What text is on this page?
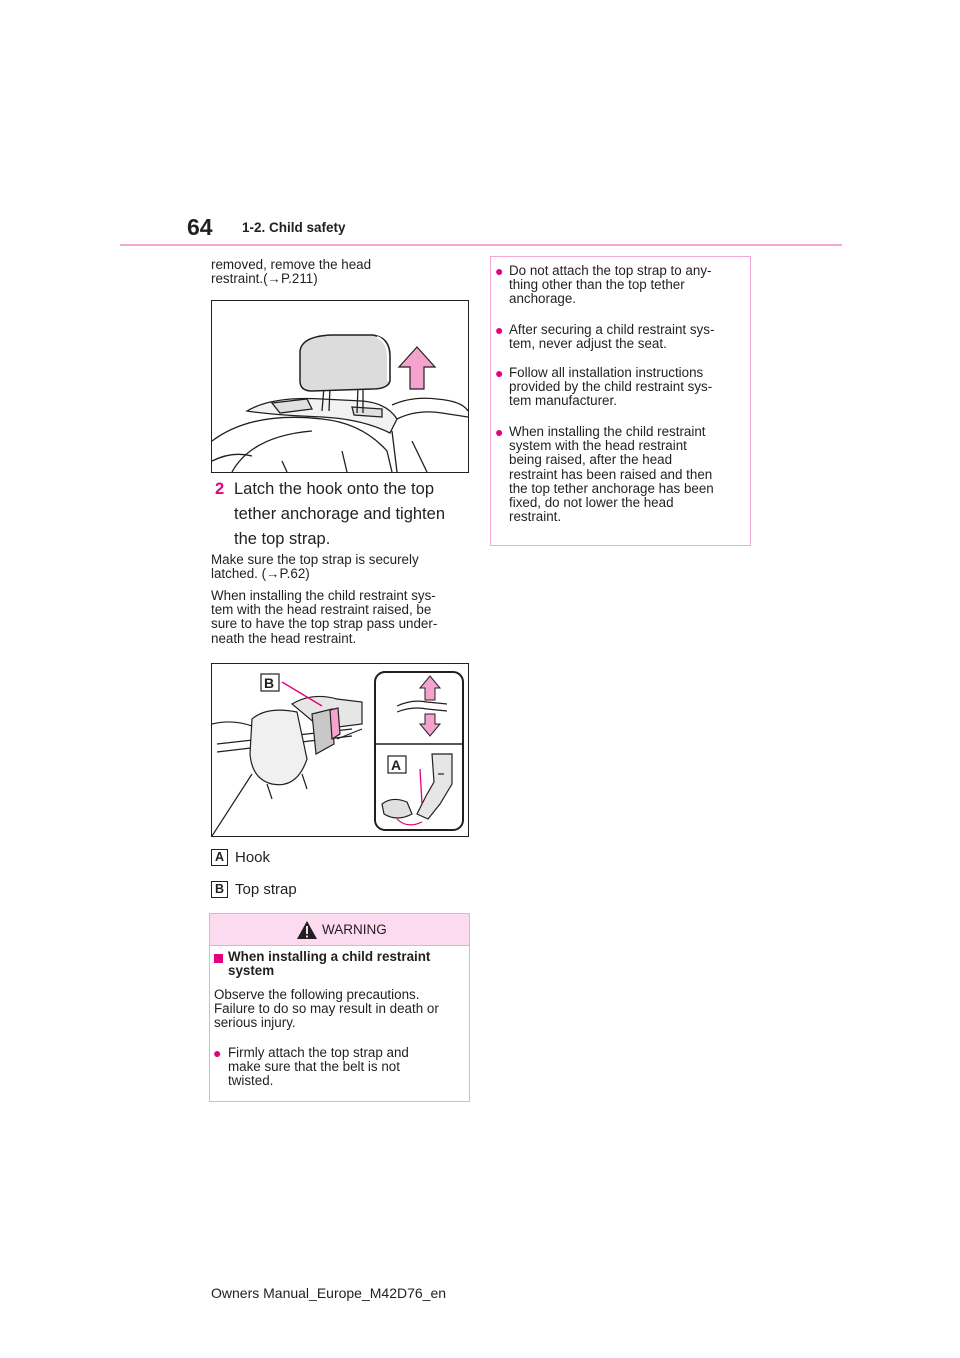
64 1-2. Child safety
removed, remove the head
restraint.(→P.211)
2 Latch the hook onto the top
tether anchorage and tighten
the top strap.
Make sure the top strap is securely
latched. (→P.62)
When installing the child restraint sys-
tem with the head restraint raised, be
sure to have the top strap pass under-
neath the head restraint.
B
A
A Hook
B Top strap
WARNING
When installing a child restraint
system
Observe the following precautions.
Failure to do so may result in death or
serious injury.
● Firmly attach the top strap and
make sure that the belt is not
twisted.
● Do not attach the top strap to any-
thing other than the top tether
anchorage.
● After securing a child restraint sys-
tem, never adjust the seat.
● Follow all installation instructions
provided by the child restraint sys-
tem manufacturer.
● When installing the child restraint
system with the head restraint
being raised, after the head
restraint has been raised and then
the top tether anchorage has been
fixed, do not lower the head
restraint.
Owners Manual_Europe_M42D76_en
